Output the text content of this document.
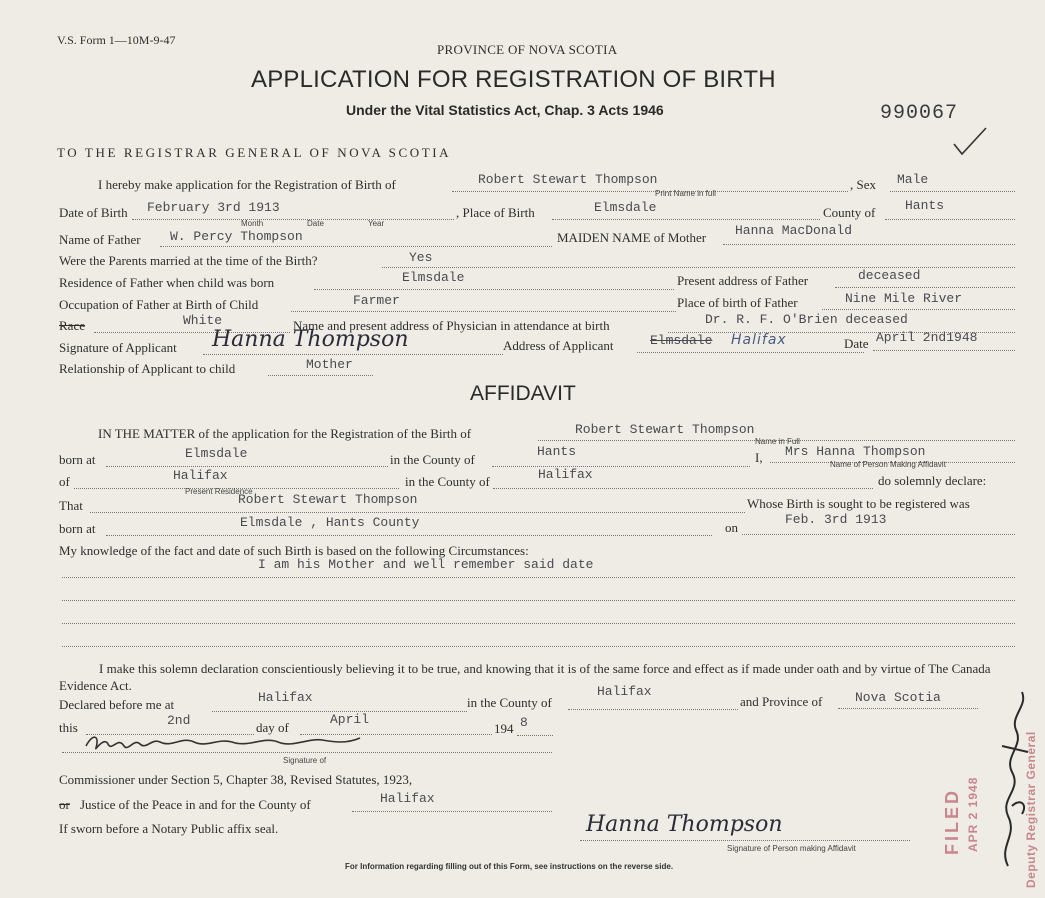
V.S. Form 1—10M-9-47
PROVINCE OF NOVA SCOTIA
APPLICATION FOR REGISTRATION OF BIRTH
Under the Vital Statistics Act, Chap. 3 Acts 1946	990067
TO THE REGISTRAR GENERAL OF NOVA SCOTIA
I hereby make application for the Registration of Birth of	Robert Stewart Thompson
Print Name in full
, Sex Male
Date of Birth February 3rd 1913
Month	Date	Year
, Place of Birth	Elmsdale	County of Hants
Name of Father W. Percy Thompson	MAIDEN NAME of Mother Hanna MacDonald
Were the Parents married at the time of the Birth?	Yes
Residence of Father when child was born	Elmsdale	Present address of Father	deceased
Occupation of Father at Birth of Child	Farmer	Place of birth of Father	Nine Mile River
Race	White	Name and present address of Physician in attendance at birth	Dr. R. F. O'Brien deceased
Signature of Applicant Hanna Thompson	Address of Applicant	Elmsdale Halifax	Date April 2nd1948
Relationship of Applicant to child	Mother
AFFIDAVIT
IN THE MATTER of the application for the Registration of the Birth of	Robert Stewart Thompson
Name in Full
born at	Elmsdale	in the County of
Hants	I, Mrs Hanna Thompson
Name of Person Making Affidavit
of	Halifax
Present Residence
in the County of	Halifax	do solemnly declare:
That	Robert Stewart Thompson	Whose Birth is sought to be registered was
born at	Elmsdale , Hants County	on
Feb. 3rd 1913
My knowledge of the fact and date of such Birth is based on the following Circumstances:
I am his Mother and well remember said date
I make this solemn declaration conscientiously believing it to be true, and knowing that it is of the same force and effect as if made under oath and by virtue of The Canada Evidence Act.
Declared before me at	Halifax	in the County of
Halifax
and Province of	Nova Scotia
this	2nd	day of
April
194 8
Signature of
Commissioner under Section 5, Chapter 38, Revised Statutes, 1923,
or Justice of the Peace in and for the County of	Halifax
If sworn before a Notary Public affix seal.	Hanna Thompson
Signature of Person making Affidavit
For Information regarding filling out of this Form, see instructions on the reverse side.
FILED APR 2 1948	Deputy Registrar General
